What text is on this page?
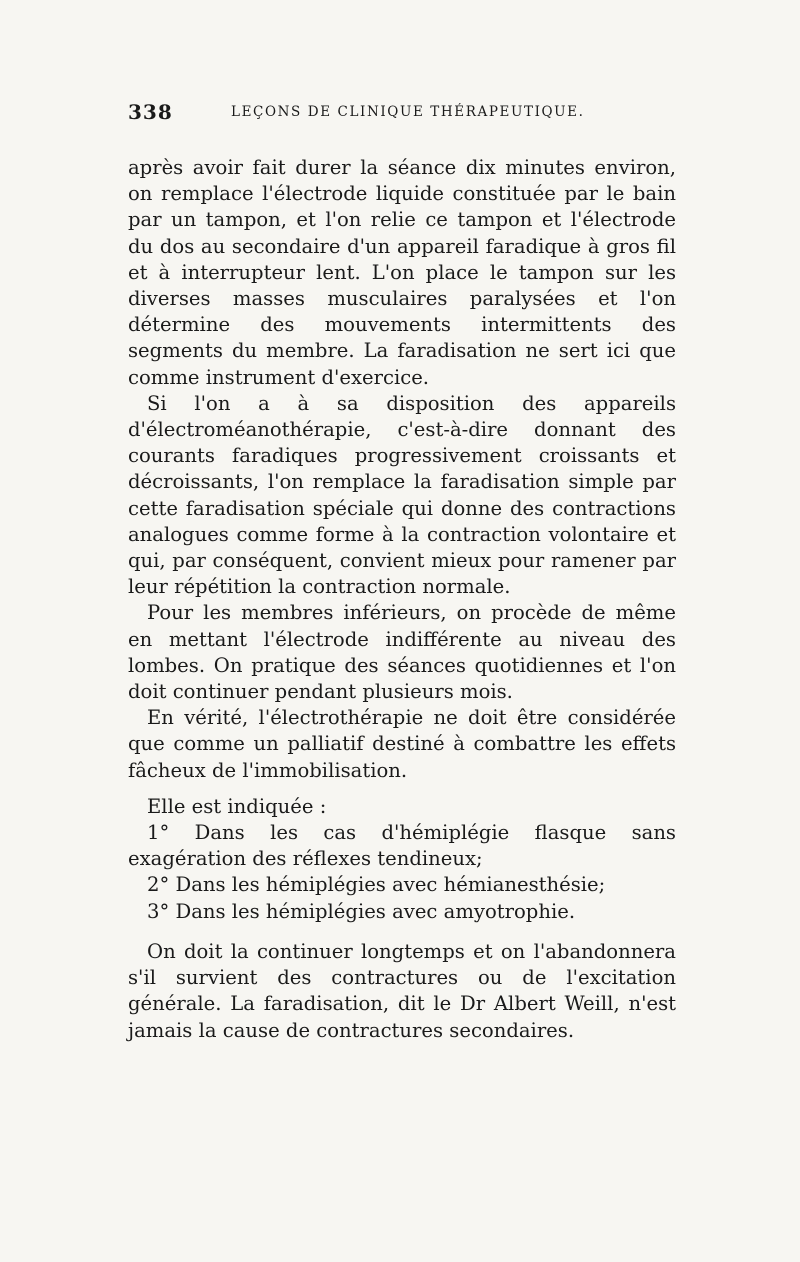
338	LEÇONS DE CLINIQUE THÉRAPEUTIQUE.

après avoir fait durer la séance dix minutes environ, on remplace l'électrode liquide constituée par le bain par un tampon, et l'on relie ce tampon et l'électrode du dos au secondaire d'un appareil faradique à gros fil et à interrupteur lent. L'on place le tampon sur les diverses masses musculaires paralysées et l'on détermine des mouvements intermittents des segments du membre. La faradisation ne sert ici que comme instrument d'exercice.

Si l'on a à sa disposition des appareils d'électroméanothérapie, c'est-à-dire donnant des courants faradiques progressivement croissants et décroissants, l'on remplace la faradisation simple par cette faradisation spéciale qui donne des contractions analogues comme forme à la contraction volontaire et qui, par conséquent, convient mieux pour ramener par leur répétition la contraction normale.

Pour les membres inférieurs, on procède de même en mettant l'électrode indifférente au niveau des lombes. On pratique des séances quotidiennes et l'on doit continuer pendant plusieurs mois.

En vérité, l'électrothérapie ne doit être considérée que comme un palliatif destiné à combattre les effets fâcheux de l'immobilisation.

Elle est indiquée :

1° Dans les cas d'hémiplégie flasque sans exagération des réflexes tendineux;

2° Dans les hémiplégies avec hémianesthésie;

3° Dans les hémiplégies avec amyotrophie.

On doit la continuer longtemps et on l'abandonnera s'il survient des contractures ou de l'excitation générale. La faradisation, dit le Dr Albert Weill, n'est jamais la cause de contractures secondaires.
